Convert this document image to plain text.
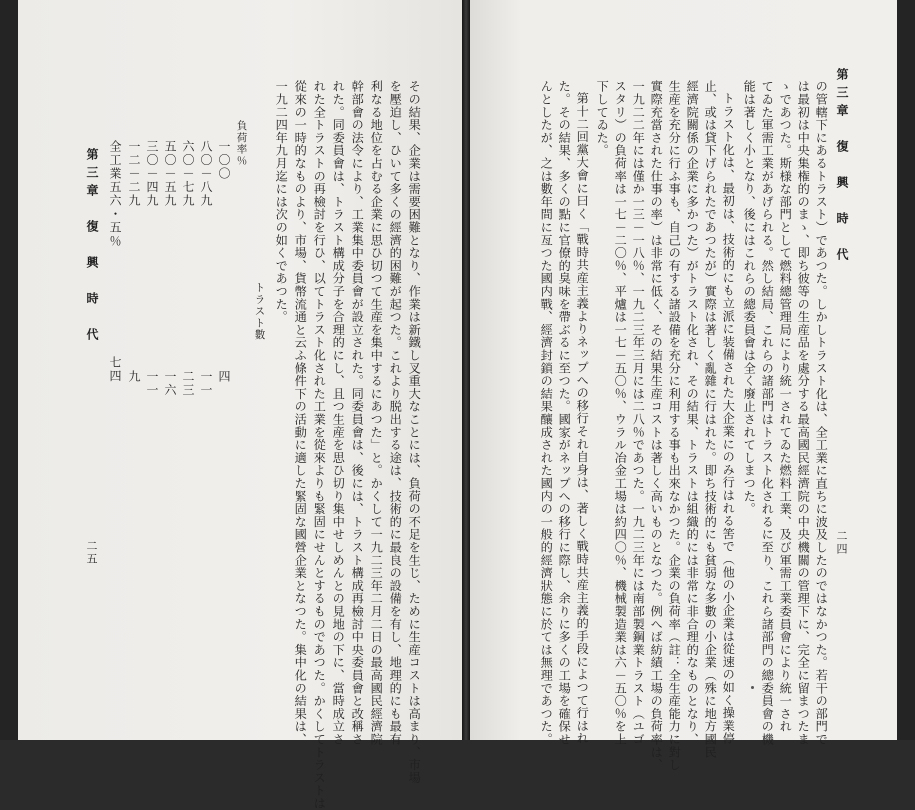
その結果、企業は需要困難となり、作業は新鐵し叉重大なことには、負荷の不足を生じ、ために生産コストは高まり、市場
を壓迫し、ひいて多くの經濟的困難が起つた。これより脱出する途は、技術的に最良の設備を有し、地理的にも最有
利なる地位を占むる企業に思ひ切つて生産を集中するにあつた」と。かくして一九二三年二月二日の最高國民經濟院
幹部會の法令により、工業集中委員會が設立された。同委員會は、後には、トラスト構成再檢討中央委員會と改稱さ
れた。同委員會は、トラスト構成分子を合理的にし、且つ生産を思ひ切り集中せしめんとの見地の下に、當時成立さ
れた全トラストの再檢討を行ひ、以てトラスト化された工業を從來よりも緊固にせんとするものであつた。かくしてトラストは
從來の一時的なものより、市場、貨幣流通と云ふ條件下の活動に適した緊固な國營企業となつた。集中化の結果は、
一九二四年九月迄には次の如くであつた。
トラスト數
負荷率％
一〇〇
四
八〇－八九
一一
六〇－七九
二三
五〇－五九
一六
三〇－四九
一一
一二－二九
九
全工業五六・五％
七四
第三章　復　興　時　代
二五
第三章　復　興　時　代
二四
の管轄下にあるトラスト）であつた。しかしトラスト化は、全工業に直ちに波及したのではなかつた。若干の部門で
は最初は中央集権的のまゝ、即ち彼等の生産品を處分する最高國民經濟院の中央機關の管理下に、完全に留まつたま
ゝであつた。斯様な部門として燃料總管理局により統一されてゐた燃料工業、及び軍需工業委員會により統一され
てゐた軍需工業があげられる。然し結局、これらの諸部門はトラスト化されるに至り、これら諸部門の總委員會の機
能は著しく小となり、後にはこれらの總委員會は全く廢止されてしまつた。
トラスト化は、最初は、技術的にも立派に装備された大企業にのみ行はれる筈で（他の小企業は從速の如く操業停
止、或は貸下げられたであつたが）實際は著しく亂雜に行はれた。即ち技術的にも貧弱な多數の小企業（殊に地方國民
經濟院關係の企業に多かつた）がトラスト化され、その結果、トラストは組織的には非常に非合理的なものとなり、
生産を充分に行ふ事も、自己の有する諸設備を充分に利用する事も出來なかつた。企業の負荷率（註：全生産能力に對し
實際充當された仕事の率）は非常に低く、その結果生産コストは著しく高いものとなつた。例へば紡績工場の負荷率は、
一九二二年には僅か一三－一八％、一九二三年三月には二八％であつた。一九二三年には南部製鋼業トラスト（ユゴ
スタリ）の負荷率は一七－二〇％、平爐は一七－五〇％、ウラル冶金工場は約四〇％、機械製造業は六－五〇％を上
下してゐた。
第十二回黨大會に曰く「戰時共産主義よりネップへの移行それ自身は、著しく戰時共産主義的手段によつて行はれ
た。その結果、多くの點に官僚的臭味を帶ぶるに至つた。國家がネップへの移行に際し、余りに多くの工場を確保せ
んとしたが、之は數年間に亙つた國内戰、經濟封鎖の結果釀成された國内の一般的經濟狀態に於ては無理であつた。
